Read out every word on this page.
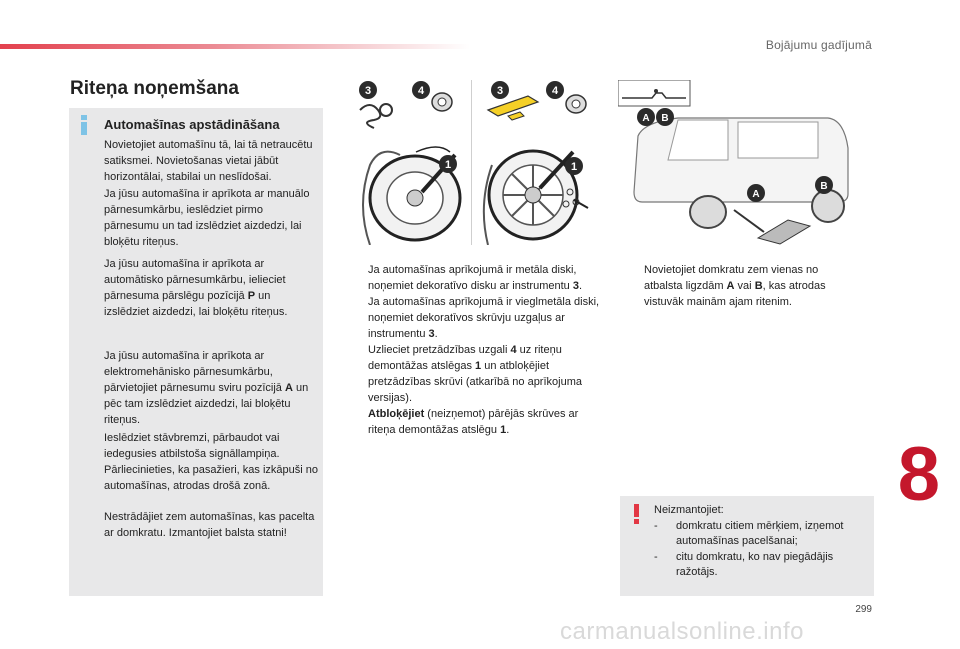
Bojājumu gadījumā
Riteņa noņemšana
Automašīnas apstādināšana
Novietojiet automašīnu tā, lai tā netraucētu satiksmei. Novietošanas vietai jābūt horizontālai, stabilai un neslīdošai.
Ja jūsu automašīna ir aprīkota ar manuālo pārnesumkārbu, ieslēdziet pirmo pārnesumu un tad izslēdziet aizdedzi, lai bloķētu riteņus.
Ja jūsu automašīna ir aprīkota ar automātisko pārnesumkārbu, ielieciet pārnesuma pārslēgu pozīcijā P un izslēdziet aizdedzi, lai bloķētu riteņus.
Ja jūsu automašīna ir aprīkota ar elektromehānisko pārnesumkārbu, pārvietojiet pārnesumu sviru pozīcijā A un pēc tam izslēdziet aizdedzi, lai bloķētu riteņus.
Ieslēdziet stāvbremzi, pārbaudot vai iedegusies atbilstoša signāllampiņa. Pārliecinieties, ka pasažieri, kas izkāpuši no automašīnas, atrodas drošā zonā.
Nestrādājiet zem automašīnas, kas pacelta ar domkratu. Izmantojiet balsta statni!
3	4
1
3	4
1
A B
A
B
Ja automašīnas aprīkojumā ir metāla diski, noņemiet dekoratīvo disku ar instrumentu 3.
Ja automašīnas aprīkojumā ir vieglmetāla diski, noņemiet dekoratīvos skrūvju uzgaļus ar instrumentu 3.
Uzlieciet pretzādzības uzgali 4 uz riteņu demontāžas atslēgas 1 un atbloķējiet pretzādzības skrūvi (atkarībā no aprīkojuma versijas).
Atbloķējiet (neizņemot) pārējās skrūves ar riteņa demontāžas atslēgu 1.
Novietojiet domkratu zem vienas no atbalsta ligzdām A vai B, kas atrodas vistuvāk mainām ajam ritenim.
Neizmantojiet:
-	domkratu citiem mērķiem, izņemot automašīnas pacelšanai;
-	citu domkratu, ko nav piegādājis ražotājs.
8
299
carmanualsonline.info
